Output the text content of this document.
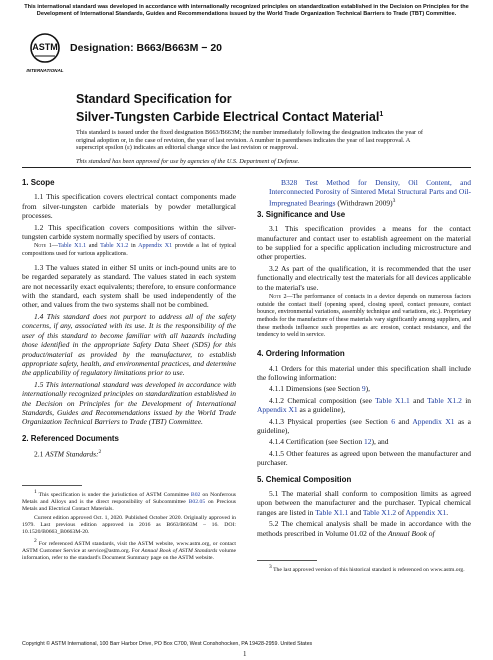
This international standard was developed in accordance with internationally recognized principles on standardization established in the Decision on Principles for the Development of International Standards, Guides and Recommendations issued by the World Trade Organization Technical Barriers to Trade (TBT) Committee.
ASTM
INTERNATIONAL
Designation: B663/B663M − 20
Standard Specification for
Silver-Tungsten Carbide Electrical Contact Material$^1$
This standard is issued under the fixed designation B663/B663M; the number immediately following the designation indicates the year of original adoption or, in the case of revision, the year of last revision. A number in parentheses indicates the year of last reapproval. A superscript epsilon (ε) indicates an editorial change since the last revision or reapproval.
This standard has been approved for use by agencies of the U.S. Department of Defense.
1. Scope

1.1 This specification covers electrical contact components made from silver-tungsten carbide materials by powder metallurgical processes.

1.2 This specification covers compositions within the silver-tungsten carbide system normally specified by users of contacts.

Note 1—Table X1.1 and Table X1.2 in Appendix X1 provide a list of typical compositions used for various applications.

1.3 The values stated in either SI units or inch-pound units are to be regarded separately as standard. The values stated in each system are not necessarily exact equivalents; therefore, to ensure conformance with the standard, each system shall be used independently of the other, and values from the two systems shall not be combined.

1.4 This standard does not purport to address all of the safety concerns, if any, associated with its use. It is the responsibility of the user of this standard to become familiar with all hazards including those identified in the appropriate Safety Data Sheet (SDS) for this product/material as provided by the manufacturer, to establish appropriate safety, health, and environmental practices, and determine the applicability of regulatory limitations prior to use.

1.5 This international standard was developed in accordance with internationally recognized principles on standardization established in the Decision on Principles for the Development of International Standards, Guides and Recommendations issued by the World Trade Organization Technical Barriers to Trade (TBT) Committee.

2. Referenced Documents

2.1 ASTM Standards:$^2$

$^1$ This specification is under the jurisdiction of ASTM Committee B02 on Nonferrous Metals and Alloys and is the direct responsibility of Subcommittee B02.05 on Precious Metals and Electrical Contact Materials.

Current edition approved Oct. 1, 2020. Published October 2020. Originally approved in 1979. Last previous edition approved in 2016 as B663/B663M – 16. DOI: 10.1520/B0663_B0663M-20.

$^2$ For referenced ASTM standards, visit the ASTM website, www.astm.org, or contact ASTM Customer Service at service@astm.org. For Annual Book of ASTM Standards volume information, refer to the standard's Document Summary page on the ASTM website.

B328 Test Method for Density, Oil Content, and Interconnected Porosity of Sintered Metal Structural Parts and Oil-Impregnated Bearings (Withdrawn 2009)$^3$

3. Significance and Use

3.1 This specification provides a means for the contact manufacturer and contact user to establish agreement on the material to be supplied for a specific application including microstructure and other properties.

3.2 As part of the qualification, it is recommended that the user functionally and electrically test the materials for all devices applicable to the material's use.

Note 2—The performance of contacts in a device depends on numerous factors outside the contact itself (opening speed, closing speed, contact pressure, contact bounce, environmental variations, assembly technique and variations, etc.). Proprietary methods for the manufacture of these materials vary significantly among suppliers, and these methods influence such properties as arc erosion, contact resistance, and the tendency to weld in service.

4. Ordering Information

4.1 Orders for this material under this specification shall include the following information:

4.1.1 Dimensions (see Section 9),

4.1.2 Chemical composition (see Table X1.1 and Table X1.2 in Appendix X1 as a guideline),

4.1.3 Physical properties (see Section 6 and Appendix X1 as a guideline),

4.1.4 Certification (see Section 12), and

4.1.5 Other features as agreed upon between the manufacturer and purchaser.

5. Chemical Composition

5.1 The material shall conform to composition limits as agreed upon between the manufacturer and the purchaser. Typical chemical ranges are listed in Table X1.1 and Table X1.2 of Appendix X1.

5.2 The chemical analysis shall be made in accordance with the methods prescribed in Volume 01.02 of the Annual Book of

$^3$ The last approved version of this historical standard is referenced on www.astm.org.

Copyright © ASTM International, 100 Barr Harbor Drive, PO Box C700, West Conshohocken, PA 19428-2959. United States
1
